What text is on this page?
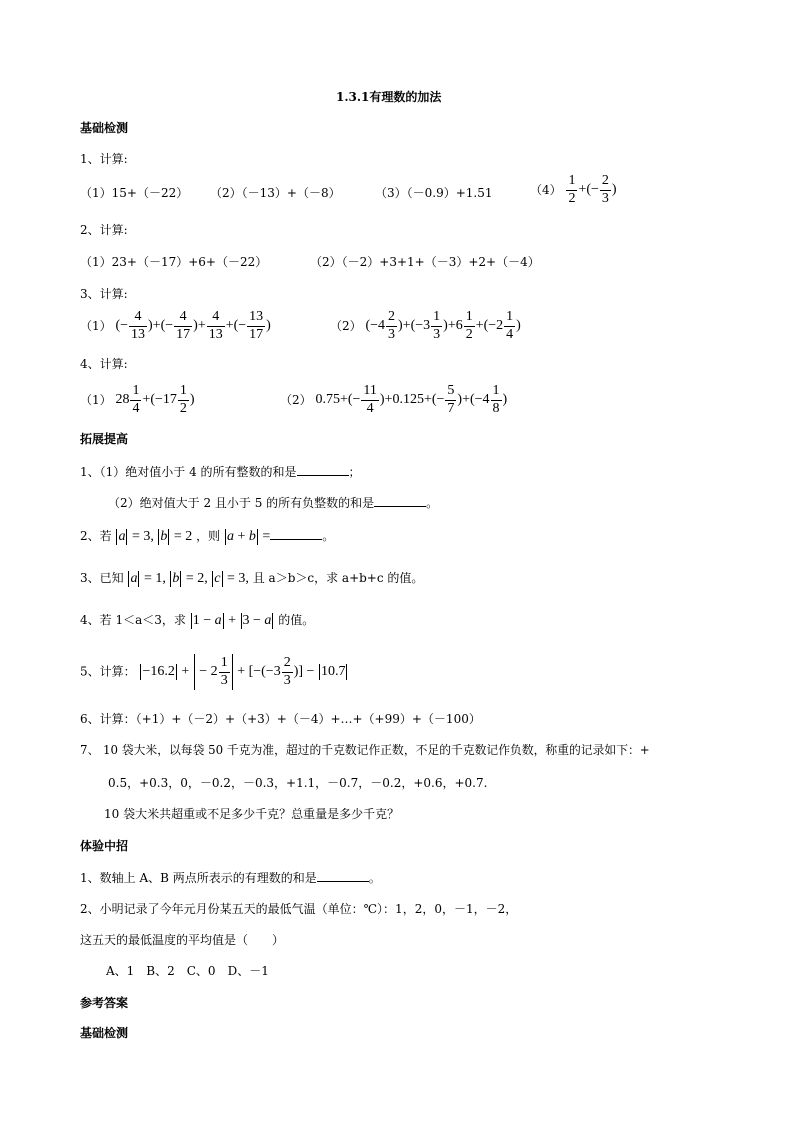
1.3.1有理数的加法
基础检测
1、计算:
（1）15+（－22） （2）（－13）+（－8）	（3）（－0.9）+1.51	$(4) \frac{1}{2}$ +(− $\frac{2}{3}$ )
2、计算:
（1）23+（－17）+6+（－22）	（2）（－2）+3+1+（－3）+2+（－4）
3、计算:
（1） (− $\frac{4}{13}$ )+(− $\frac{4}{17}$ )+ $\frac{4}{13}$ +(− $\frac{13}{17}$ )	（2） $(-4 \frac{2}{3} )+(-3 \frac{1}{3} )+6 \frac{1}{2} +(-2 \frac{1}{4}$ )
4、计算:
（1） $28 \frac{1}{4} +(-17 \frac{1}{2}$ )	（2） $0.75+(- \frac{11}{4} )+0.125+(- \frac{5}{7} )+(-4 \frac{1}{8}$ )
拓展提高
1、（1）绝对值小于 4 的所有整数的和是	；
（2）绝对值大于 2 且小于 5 的所有负整数的和是	。
2、若 a = 3, b = 2 ，则 a + b =	。
3、已知 a = 1, b = 2, c = 3, 且 a＞b＞c，求 a+b+c 的值。
4、若 1＜a＜3，求 1 − a + 3 − a 的值。
5、计算： −16.2 +  − $2 \frac{1}{3} + [-(-3 \frac{2}{3}$ )] − 10.7
6、计算：（+1）+（－2）+（+3）+（－4）+…+（+99）+（－100）
7、 10 袋大米，以每袋 50 千克为准，超过的千克数记作正数，不足的千克数记作负数，称重的记录如下：+
0.5，+0.3，0，－0.2，－0.3，+1.1，－0.7，－0.2，+0.6，+0.7.
10 袋大米共超重或不足多少千克？总重量是多少千克？
体验中招
1、数轴上 A、B 两点所表示的有理数的和是	。
2、小明记录了今年元月份某五天的最低气温（单位：℃）：1，2，0，－1，－2，
这五天的最低温度的平均值是（　　）
A、1　B、2　C、0　D、－1
参考答案
基础检测
